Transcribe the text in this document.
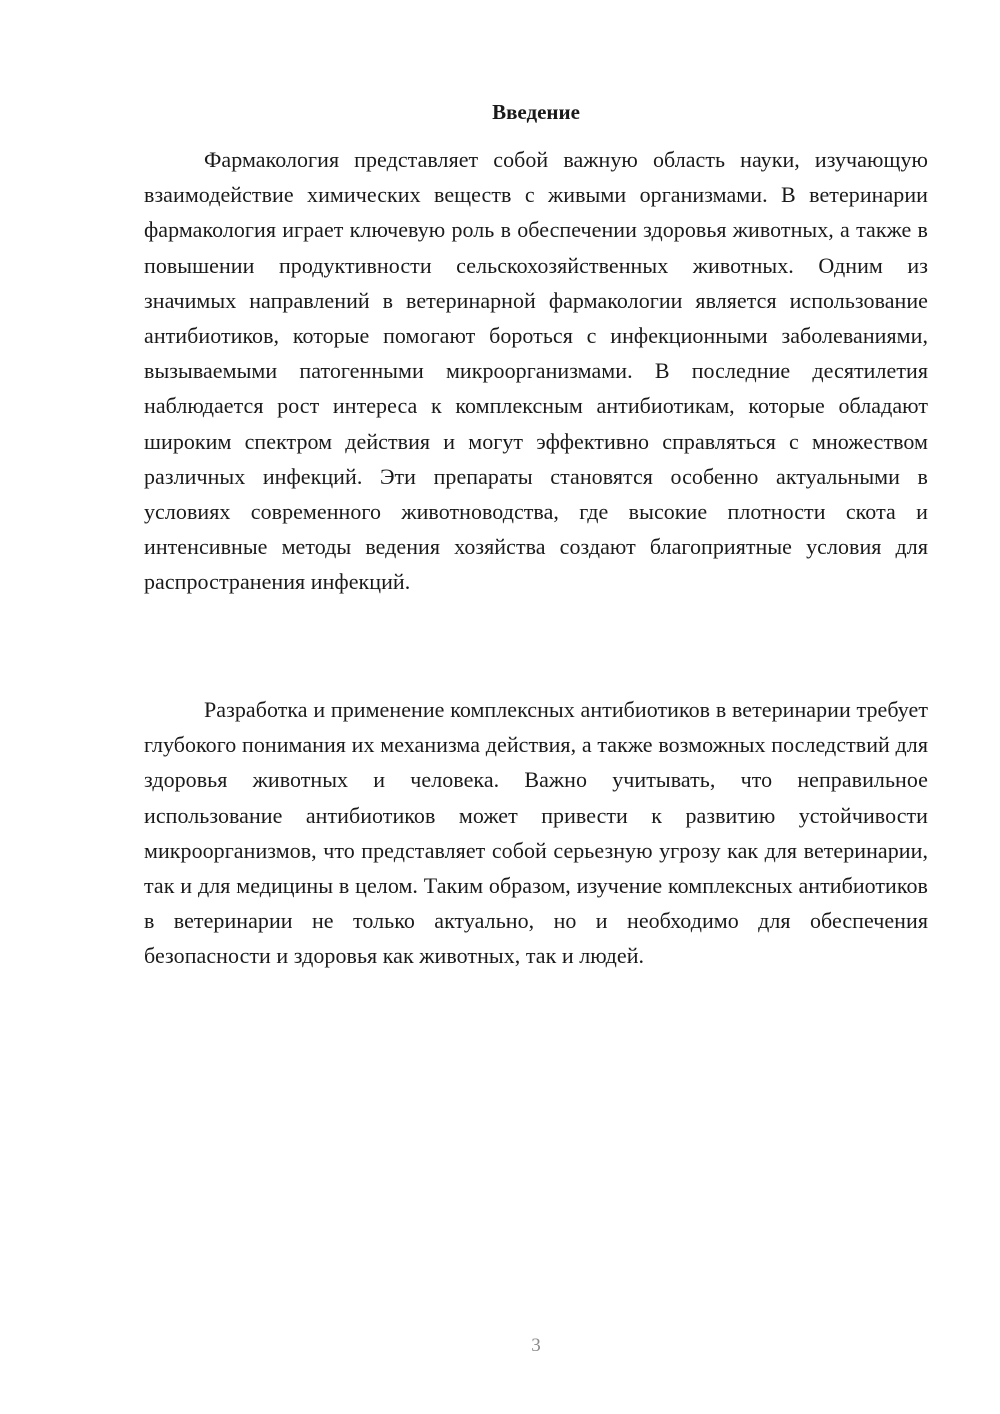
Введение

Фармакология представляет собой важную область науки, изучающую взаимодействие химических веществ с живыми организмами. В ветеринарии фармакология играет ключевую роль в обеспечении здоровья животных, а также в повышении продуктивности сельскохозяйственных животных. Одним из значимых направлений в ветеринарной фармакологии является использование антибиотиков, которые помогают бороться с инфекционными заболеваниями, вызываемыми патогенными микроорганизмами. В последние десятилетия наблюдается рост интереса к комплексным антибиотикам, которые обладают широким спектром действия и могут эффективно справляться с множеством различных инфекций. Эти препараты становятся особенно актуальными в условиях современного животноводства, где высокие плотности скота и интенсивные методы ведения хозяйства создают благоприятные условия для распространения инфекций.

Разработка и применение комплексных антибиотиков в ветеринарии требует глубокого понимания их механизма действия, а также возможных последствий для здоровья животных и человека. Важно учитывать, что неправильное использование антибиотиков может привести к развитию устойчивости микроорганизмов, что представляет собой серьезную угрозу как для ветеринарии, так и для медицины в целом. Таким образом, изучение комплексных антибиотиков в ветеринарии не только актуально, но и необходимо для обеспечения безопасности и здоровья как животных, так и людей.

3
